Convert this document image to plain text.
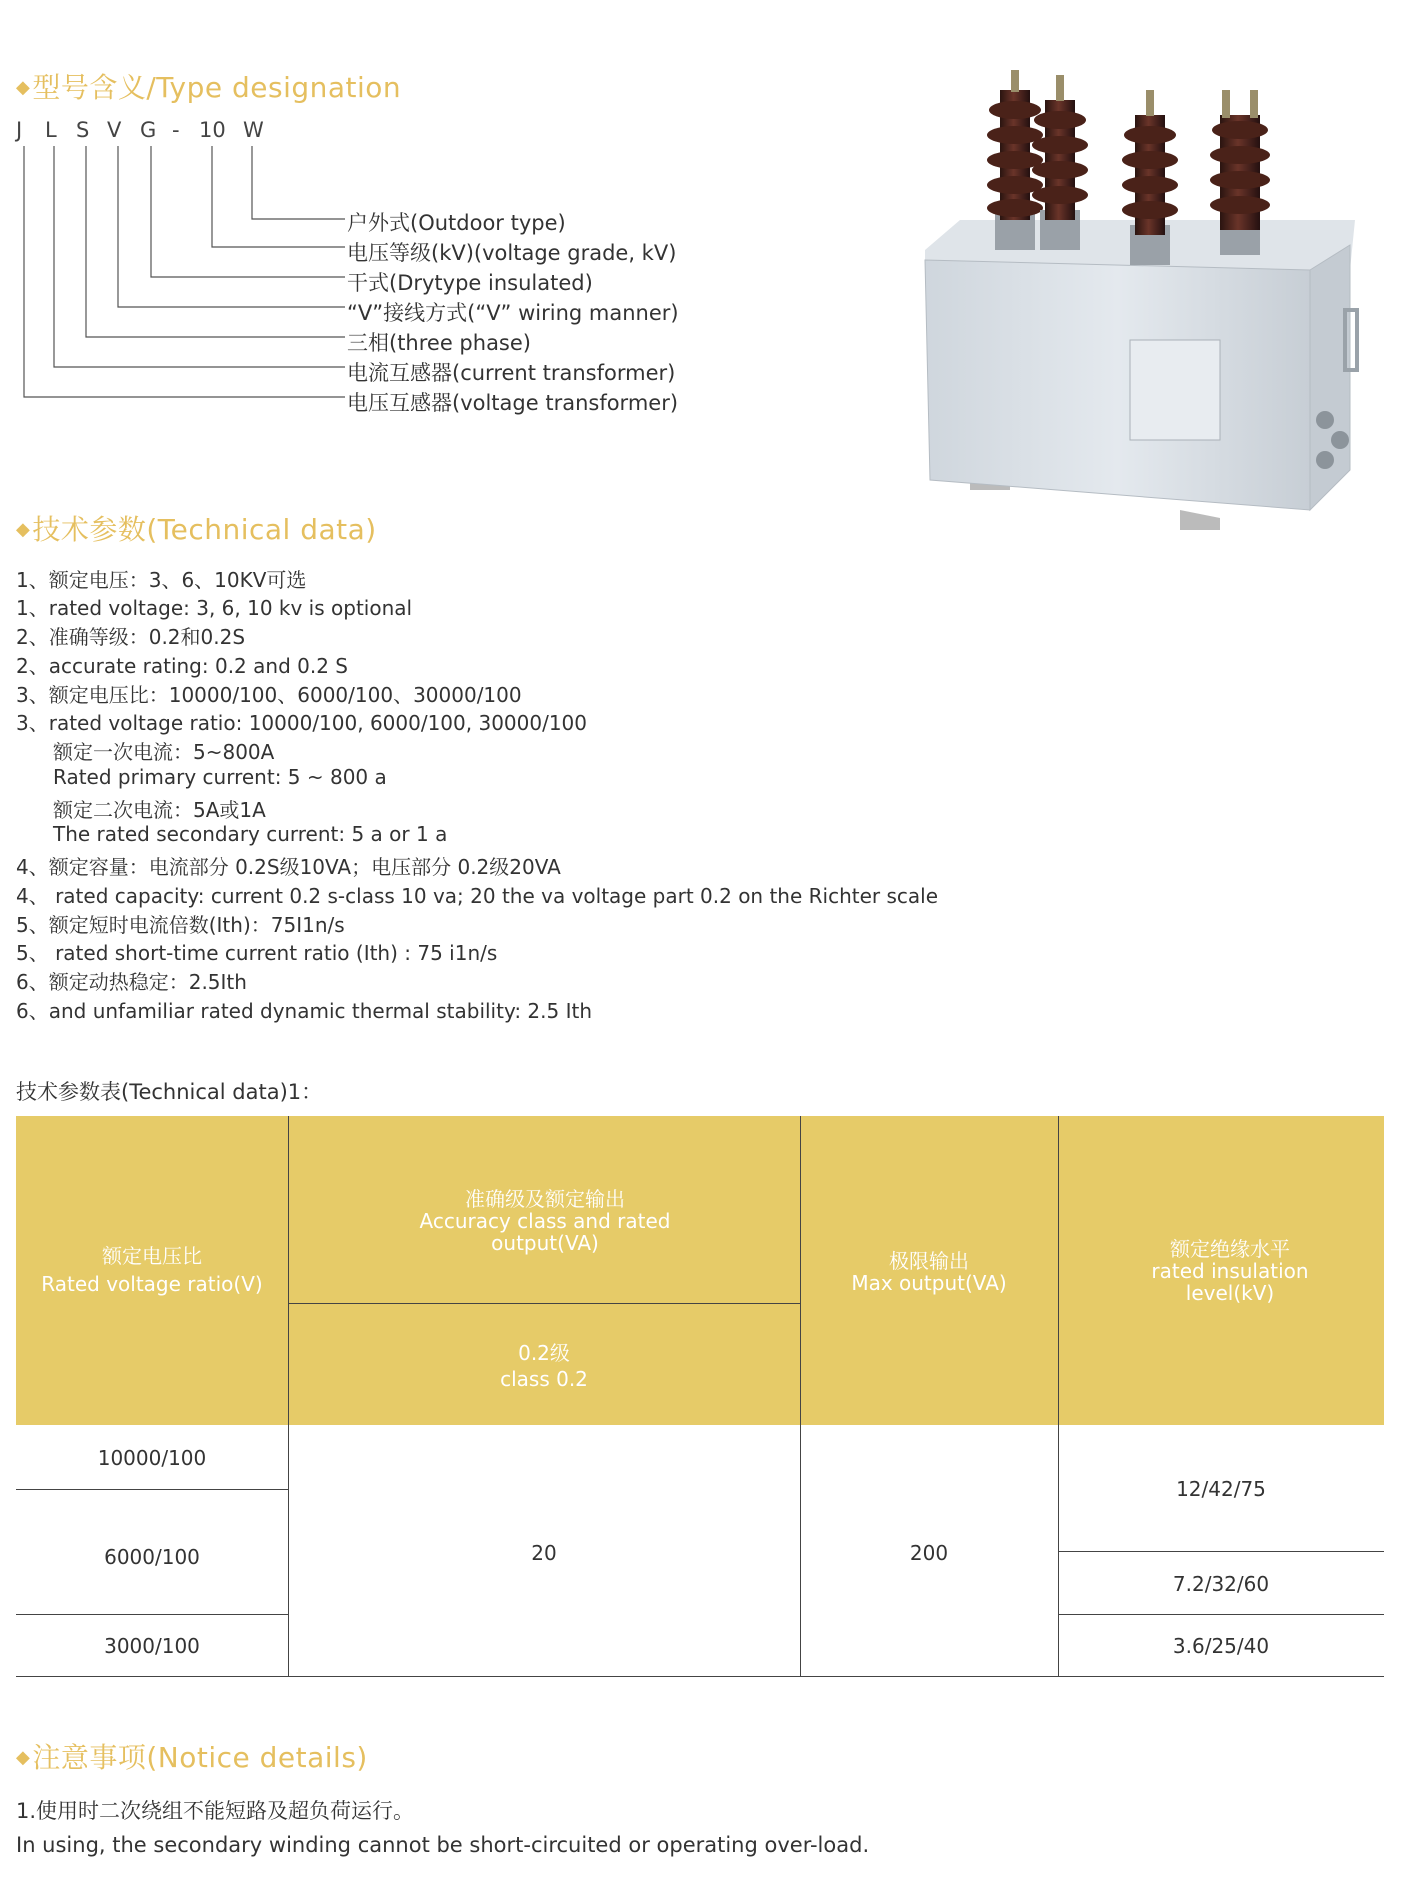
◆型号含义/Type designation
J L S V G - 10 W
户外式(Outdoor type)
电压等级(kV)(voltage grade, kV)
干式(Drytype insulated)
“V”接线方式(“V” wiring manner)
三相(three phase)
电流互感器(current transformer)
电压互感器(voltage transformer)
◆技术参数(Technical data)
1、额定电压：3、6、10KV可选
1、rated voltage: 3, 6, 10 kv is optional
2、准确等级：0.2和0.2S
2、accurate rating: 0.2 and 0.2 S
3、额定电压比：10000/100、6000/100、30000/100
3、rated voltage ratio: 10000/100, 6000/100, 30000/100
额定一次电流：5~800A
Rated primary current: 5 ~ 800 a
额定二次电流：5A或1A
The rated secondary current: 5 a or 1 a
4、额定容量：电流部分 0.2S级10VA；电压部分 0.2级20VA
4、 rated capacity: current 0.2 s-class 10 va; 20 the va voltage part 0.2 on the Richter scale
5、额定短时电流倍数(Ith)：75I1n/s
5、 rated short-time current ratio (Ith) : 75 i1n/s
6、额定动热稳定：2.5Ith
6、and unfamiliar rated dynamic thermal stability: 2.5 Ith
技术参数表(Technical data)1：
额定电压比
Rated voltage ratio(V)
准确级及额定输出
Accuracy class and rated output(VA)
0.2级
class 0.2
极限输出
Max output(VA)
额定绝缘水平
rated insulation level(kV)
10000/100
6000/100
3000/100
20	200
12/42/75
7.2/32/60
3.6/25/40
◆注意事项(Notice details)
1.使用时二次绕组不能短路及超负荷运行。
In using, the secondary winding cannot be short-circuited or operating over-load.
